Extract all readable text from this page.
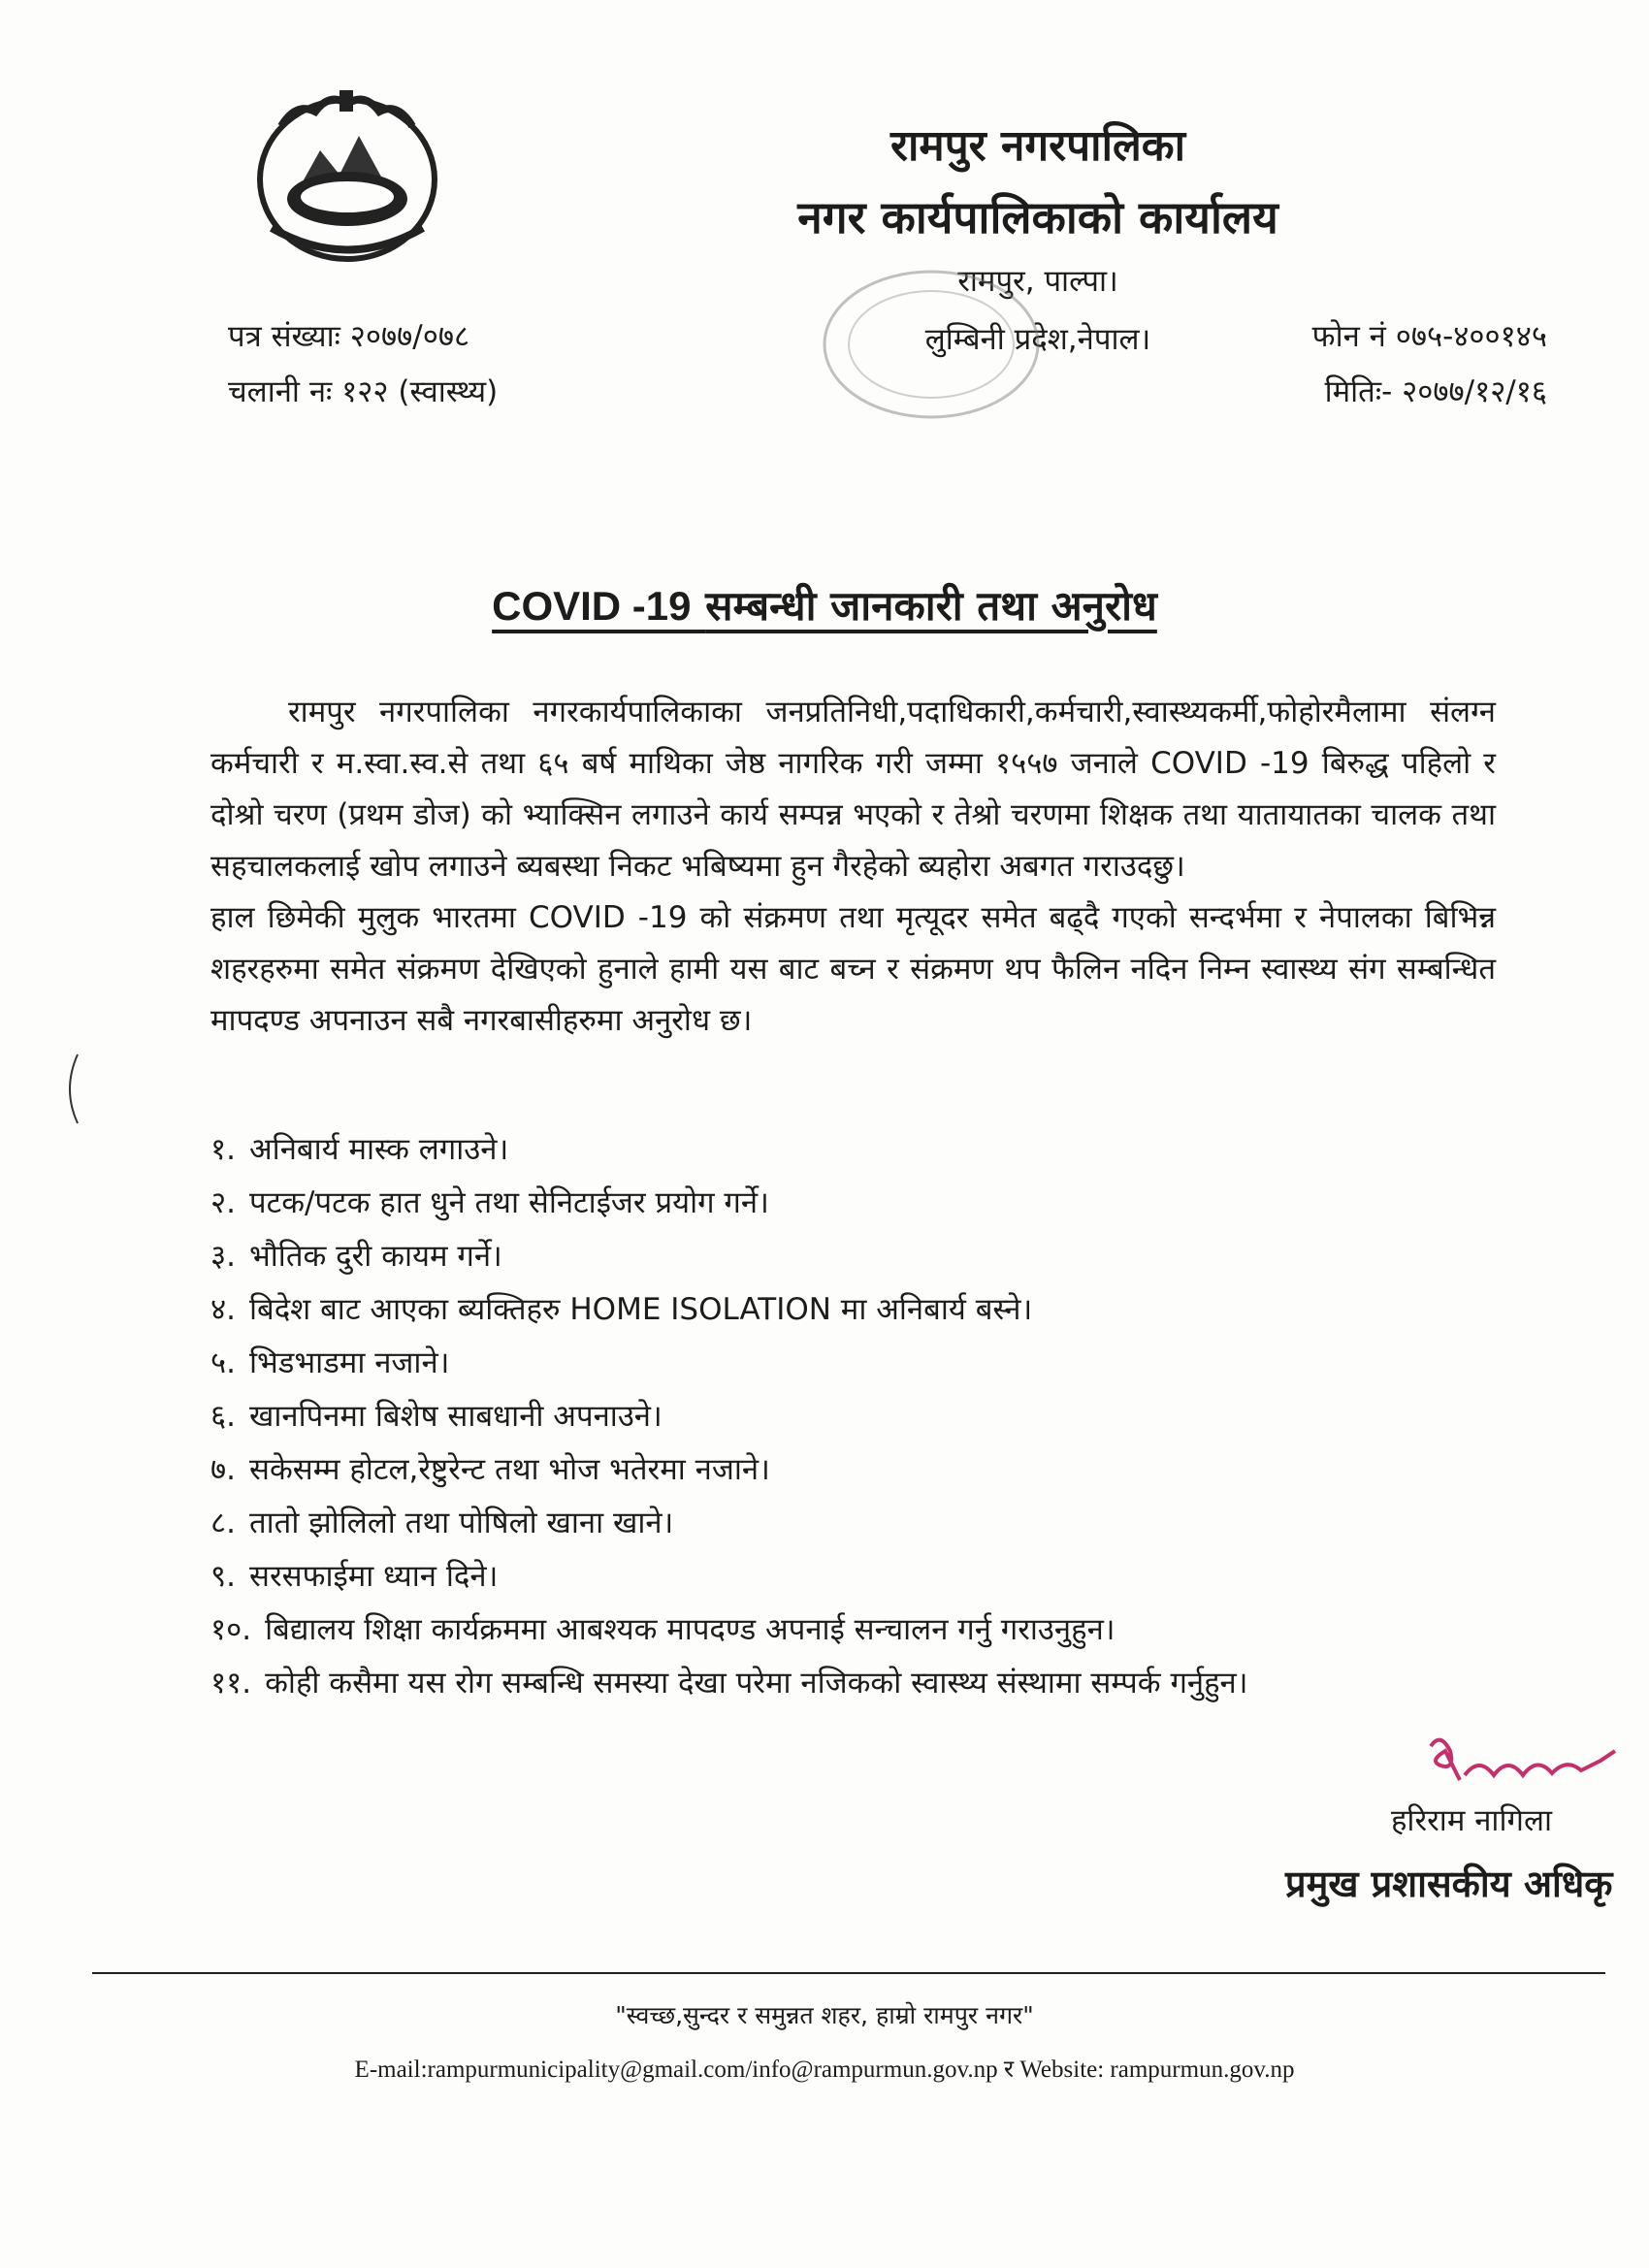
रामपुर नगरपालिका
नगर कार्यपालिकाको कार्यालय
रामपुर, पाल्पा।
लुम्बिनी प्रदेश,नेपाल।
पत्र संख्याः २०७७/०७८
चलानी नः १२२ (स्वास्थ्य)
फोन नं ०७५-४००१४५
मितिः- २०७७/१२/१६
COVID -19 सम्बन्धी जानकारी तथा अनुरोध

रामपुर नगरपालिका नगरकार्यपालिकाका जनप्रतिनिधी,पदाधिकारी,कर्मचारी,स्वास्थ्यकर्मी,फोहोरमैलामा संलग्न कर्मचारी र म.स्वा.स्व.से तथा ६५ बर्ष माथिका जेष्ठ नागरिक गरी जम्मा १५५७ जनाले COVID -19 बिरुद्ध पहिलो र दोश्रो चरण (प्रथम डोज) को भ्याक्सिन लगाउने कार्य सम्पन्न भएको र तेश्रो चरणमा शिक्षक तथा यातायातका चालक तथा सहचालकलाई खोप लगाउने ब्यबस्था निकट भबिष्यमा हुन गैरहेको ब्यहोरा अबगत गराउदछु।

हाल छिमेकी मुलुक भारतमा COVID -19 को संक्रमण तथा मृत्यूदर समेत बढ्दै गएको सन्दर्भमा र नेपालका बिभिन्न शहरहरुमा समेत संक्रमण देखिएको हुनाले हामी यस बाट बच्न र संक्रमण थप फैलिन नदिन निम्न स्वास्थ्य संग सम्बन्धित मापदण्ड अपनाउन सबै नगरबासीहरुमा अनुरोध छ।

१. अनिबार्य मास्क लगाउने।
२. पटक/पटक हात धुने तथा सेनिटाईजर प्रयोग गर्ने।
३. भौतिक दुरी कायम गर्ने।
४. बिदेश बाट आएका ब्यक्तिहरु HOME ISOLATION मा अनिबार्य बस्ने।
५. भिडभाडमा नजाने।
६. खानपिनमा बिशेष साबधानी अपनाउने।
७. सकेसम्म होटल,रेष्टुरेन्ट तथा भोज भतेरमा नजाने।
८. तातो झोलिलो तथा पोषिलो खाना खाने।
९. सरसफाईमा ध्यान दिने।
१०. बिद्यालय शिक्षा कार्यक्रममा आबश्यक मापदण्ड अपनाई सन्चालन गर्नु गराउनुहुन।
११. कोही कसैमा यस रोग सम्बन्धि समस्या देखा परेमा नजिकको स्वास्थ्य संस्थामा सम्पर्क गर्नुहुन।
हरिराम नागिला
प्रमुख प्रशासकीय अधिकृ
"स्वच्छ,सुन्दर र समुन्नत शहर, हाम्रो रामपुर नगर"
E-mail:rampurmunicipality@gmail.com/info@rampurmun.gov.np र Website: rampurmun.gov.np
